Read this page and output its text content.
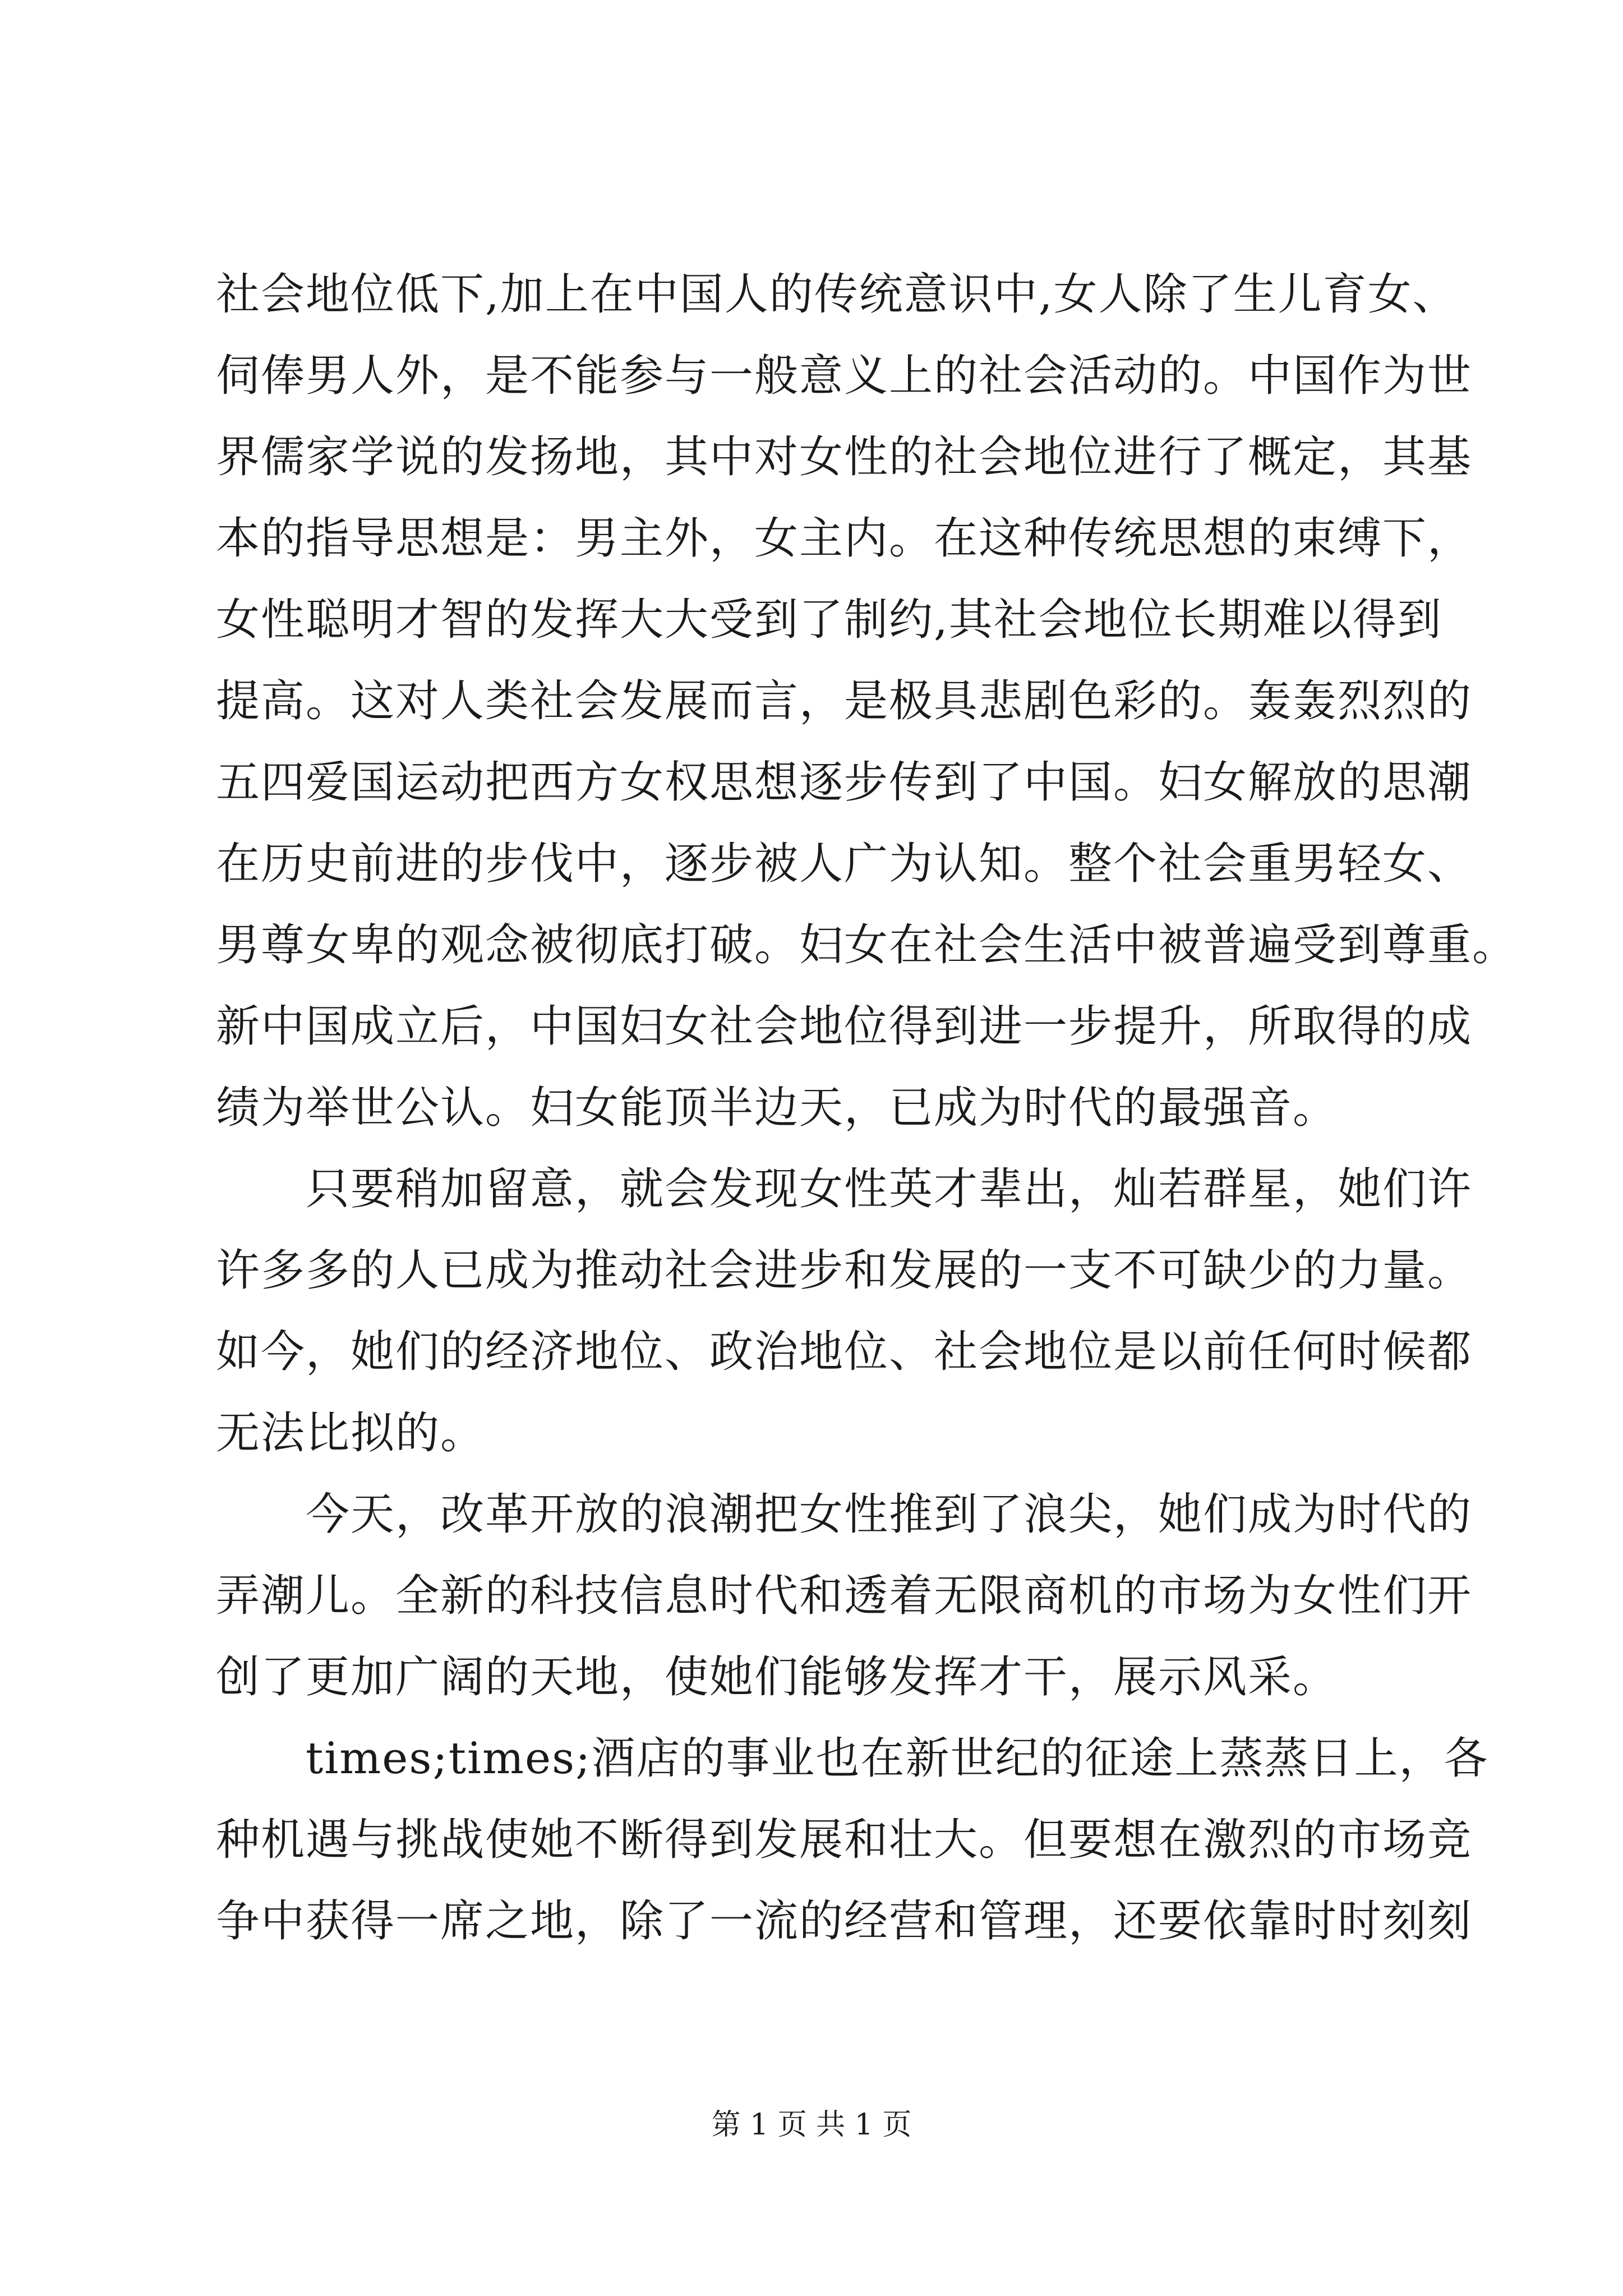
社会地位低下,加上在中国人的传统意识中,女人除了生儿育女、
伺俸男人外，是不能参与一般意义上的社会活动的。中国作为世
界儒家学说的发扬地，其中对女性的社会地位进行了概定，其基
本的指导思想是：男主外，女主内。在这种传统思想的束缚下，
女性聪明才智的发挥大大受到了制约,其社会地位长期难以得到
提高。这对人类社会发展而言，是极具悲剧色彩的。轰轰烈烈的
五四爱国运动把西方女权思想逐步传到了中国。妇女解放的思潮
在历史前进的步伐中，逐步被人广为认知。整个社会重男轻女、
男尊女卑的观念被彻底打破。妇女在社会生活中被普遍受到尊重。
新中国成立后，中国妇女社会地位得到进一步提升，所取得的成
绩为举世公认。妇女能顶半边天，已成为时代的最强音。
　　只要稍加留意，就会发现女性英才辈出，灿若群星，她们许
许多多的人已成为推动社会进步和发展的一支不可缺少的力量。
如今，她们的经济地位、政治地位、社会地位是以前任何时候都
无法比拟的。
　　今天，改革开放的浪潮把女性推到了浪尖，她们成为时代的
弄潮儿。全新的科技信息时代和透着无限商机的市场为女性们开
创了更加广阔的天地，使她们能够发挥才干，展示风采。
　　times;times;酒店的事业也在新世纪的征途上蒸蒸日上，各
种机遇与挑战使她不断得到发展和壮大。但要想在激烈的市场竞
争中获得一席之地，除了一流的经营和管理，还要依靠时时刻刻
第 1 页 共 1 页
